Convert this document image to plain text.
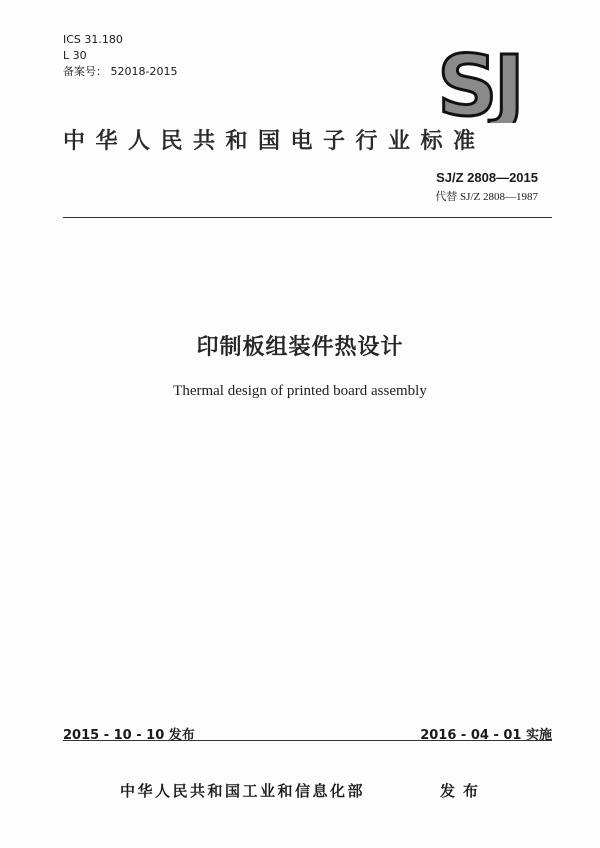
ICS 31.180
L 30
备案号： 52018-2015	SJ
中华人民共和国电子行业标准
SJ/Z 2808—2015
代替 SJ/Z 2808—1987
印制板组装件热设计
Thermal design of printed board assembly
2015 - 10 - 10 发布	2016 - 04 - 01 实施
中华人民共和国工业和信息化部	发布
